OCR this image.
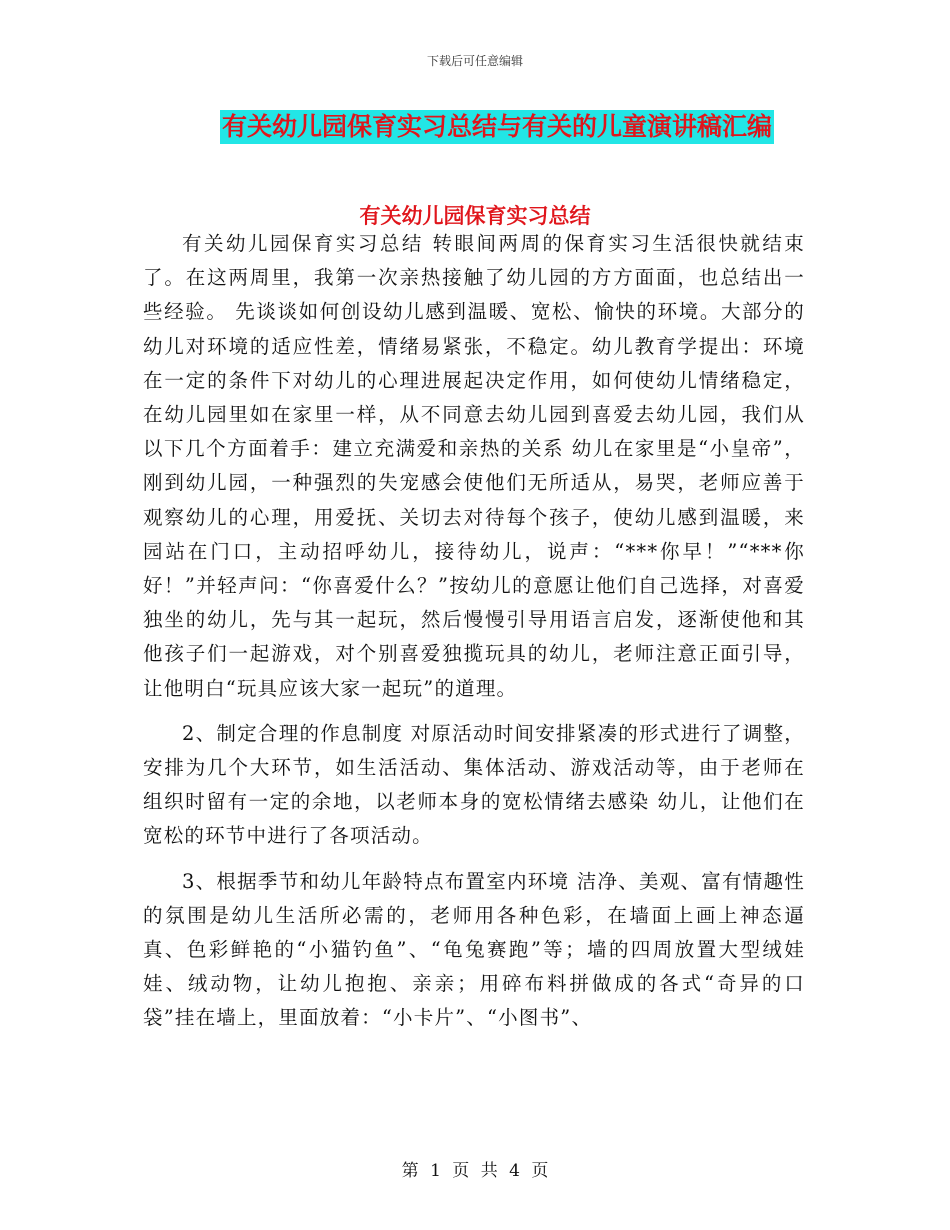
下载后可任意编辑
有关幼儿园保育实习总结与有关的儿童演讲稿汇编
有关幼儿园保育实习总结

有关幼儿园保育实习总结 转眼间两周的保育实习生活很快就结束了。在这两周里，我第一次亲热接触了幼儿园的方方面面，也总结出一些经验。 先谈谈如何创设幼儿感到温暖、宽松、愉快的环境。大部分的幼儿对环境的适应性差，情绪易紧张，不稳定。幼儿教育学提出：环境在一定的条件下对幼儿的心理进展起决定作用，如何使幼儿情绪稳定，在幼儿园里如在家里一样，从不同意去幼儿园到喜爱去幼儿园，我们从以下几个方面着手：建立充满爱和亲热的关系 幼儿在家里是“小皇帝”，刚到幼儿园，一种强烈的失宠感会使他们无所适从，易哭，老师应善于观察幼儿的心理，用爱抚、关切去对待每个孩子，使幼儿感到温暖，来园站在门口，主动招呼幼儿，接待幼儿，说声：“***你早！”“***你好！”并轻声问：“你喜爱什么？”按幼儿的意愿让他们自己选择，对喜爱独坐的幼儿，先与其一起玩，然后慢慢引导用语言启发，逐渐使他和其他孩子们一起游戏，对个别喜爱独揽玩具的幼儿，老师注意正面引导，让他明白“玩具应该大家一起玩”的道理。

2、制定合理的作息制度 对原活动时间安排紧凑的形式进行了调整，安排为几个大环节，如生活活动、集体活动、游戏活动等，由于老师在组织时留有一定的余地，以老师本身的宽松情绪去感染 幼儿，让他们在宽松的环节中进行了各项活动。

3、根据季节和幼儿年龄特点布置室内环境 洁净、美观、富有情趣性的氛围是幼儿生活所必需的，老师用各种色彩，在墙面上画上神态逼真、色彩鲜艳的“小猫钓鱼”、“龟兔赛跑”等；墙的四周放置大型绒娃娃、绒动物，让幼儿抱抱、亲亲；用碎布料拼做成的各式“奇异的口袋”挂在墙上，里面放着：“小卡片”、“小图书”、

第 1 页 共 4 页
